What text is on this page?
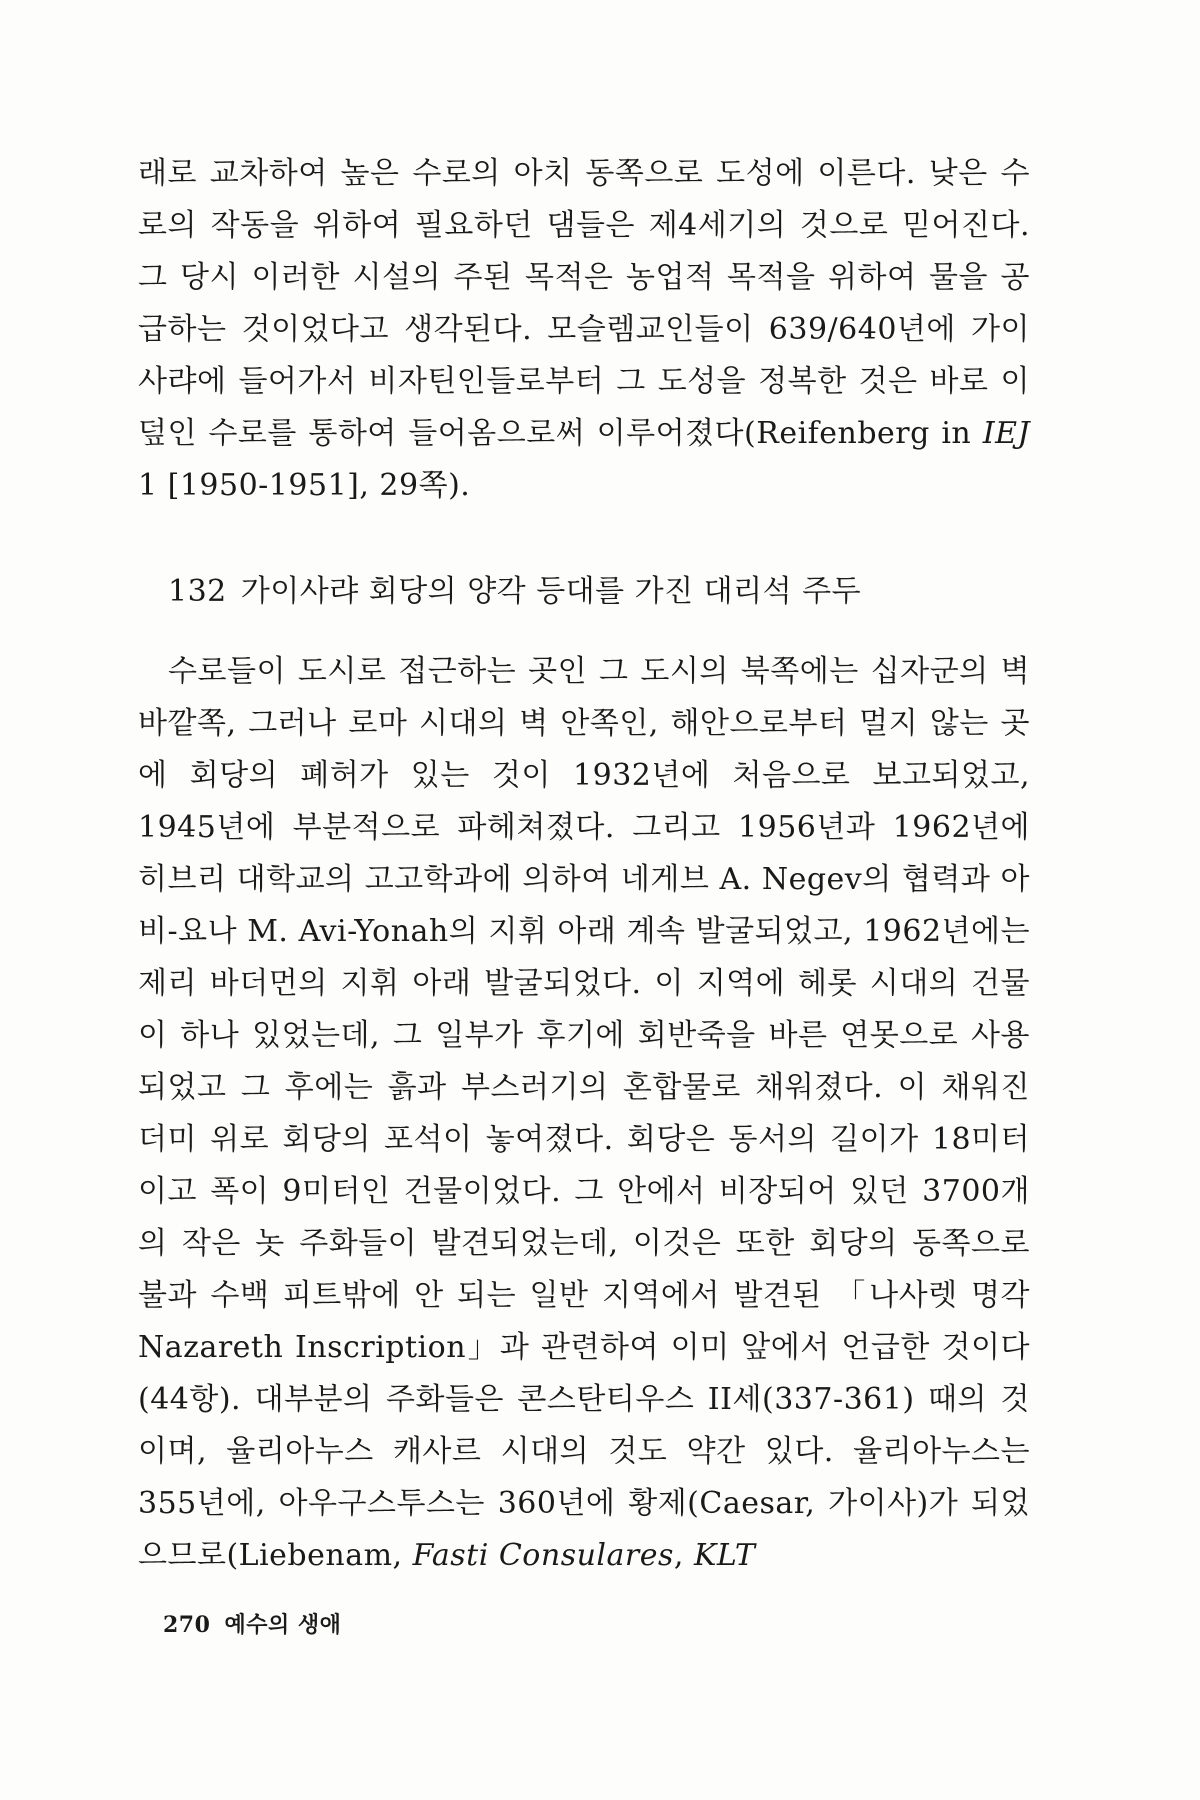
래로 교차하여 높은 수로의 아치 동쪽으로 도성에 이른다. 낮은 수로의 작동을 위하여 필요하던 댐들은 제4세기의 것으로 믿어진다. 그 당시 이러한 시설의 주된 목적은 농업적 목적을 위하여 물을 공급하는 것이었다고 생각된다. 모슬렘교인들이 639/640년에 가이사랴에 들어가서 비자틴인들로부터 그 도성을 정복한 것은 바로 이 덮인 수로를 통하여 들어옴으로써 이루어졌다(Reifenberg in IEJ 1 [1950-1951], 29쪽).

132 가이사랴 회당의 양각 등대를 가진 대리석 주두

수로들이 도시로 접근하는 곳인 그 도시의 북쪽에는 십자군의 벽 바깥쪽, 그러나 로마 시대의 벽 안쪽인, 해안으로부터 멀지 않는 곳에 회당의 폐허가 있는 것이 1932년에 처음으로 보고되었고, 1945년에 부분적으로 파헤쳐졌다. 그리고 1956년과 1962년에 히브리 대학교의 고고학과에 의하여 네게브 A. Negev의 협력과 아비-요나 M. Avi-Yonah의 지휘 아래 계속 발굴되었고, 1962년에는 제리 바더먼의 지휘 아래 발굴되었다. 이 지역에 헤롯 시대의 건물이 하나 있었는데, 그 일부가 후기에 회반죽을 바른 연못으로 사용되었고 그 후에는 흙과 부스러기의 혼합물로 채워졌다. 이 채워진 더미 위로 회당의 포석이 놓여졌다. 회당은 동서의 길이가 18미터이고 폭이 9미터인 건물이었다. 그 안에서 비장되어 있던 3700개의 작은 놋 주화들이 발견되었는데, 이것은 또한 회당의 동쪽으로 불과 수백 피트밖에 안 되는 일반 지역에서 발견된 「나사렛 명각 Nazareth Inscription」과 관련하여 이미 앞에서 언급한 것이다(44항). 대부분의 주화들은 콘스탄티우스 II세(337-361) 때의 것이며, 율리아누스 캐사르 시대의 것도 약간 있다. 율리아누스는 355년에, 아우구스투스는 360년에 황제(Caesar, 가이사)가 되었으므로(Liebenam, Fasti Consulares, KLT

270 예수의 생애
